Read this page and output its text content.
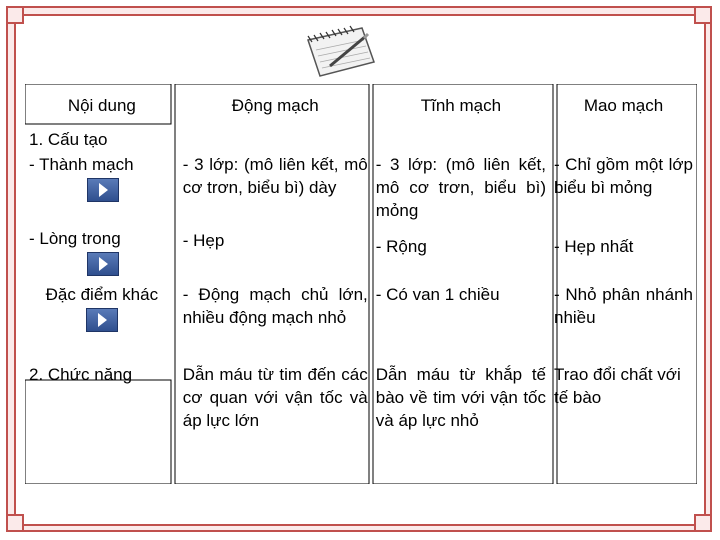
Nội dung	Động mạch	Tĩnh mạch	Mao mạch
1. Cấu tạo			
- Thành mạch	- 3 lớp: (mô liên kết, mô cơ trơn, biểu bì) dày	- 3 lớp: (mô liên kết, mô cơ trơn, biểu bì) mỏng	- Chỉ gồm một lớp biểu bì mỏng
- Lòng trong	- Hẹp	- Rộng	- Hẹp nhất
Đặc điểm khác	- Động mạch chủ lớn, nhiều động mạch nhỏ	- Có van 1 chiều	- Nhỏ phân nhánh nhiều
2. Chức năng	Dẫn máu từ tim đến các cơ quan với vận tốc và áp lực lớn	Dẫn máu từ khắp tế bào về tim với vận tốc và áp lực nhỏ	Trao đổi chất với tế bào
